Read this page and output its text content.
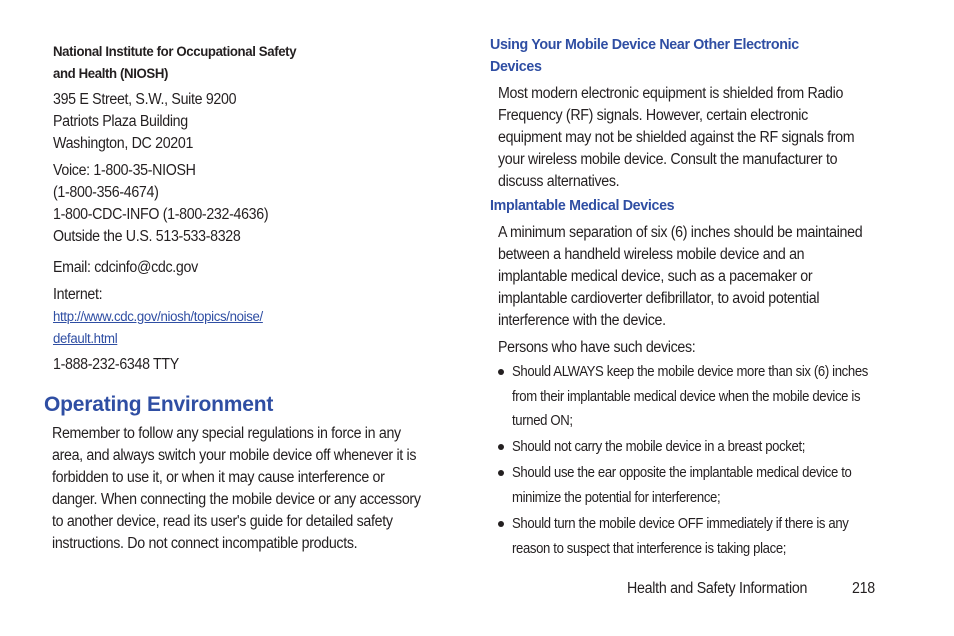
National Institute for Occupational Safety
and Health (NIOSH)
395 E Street, S.W., Suite 9200
Patriots Plaza Building
Washington, DC 20201
Voice: 1-800-35-NIOSH
(1-800-356-4674)
1-800-CDC-INFO (1-800-232-4636)
Outside the U.S. 513-533-8328
Email: cdcinfo@cdc.gov
Internet:
http://www.cdc.gov/niosh/topics/noise/
default.html
1-888-232-6348 TTY
Operating Environment
Remember to follow any special regulations in force in any
area, and always switch your mobile device off whenever it is
forbidden to use it, or when it may cause interference or
danger. When connecting the mobile device or any accessory
to another device, read its user's guide for detailed safety
instructions. Do not connect incompatible products.
Using Your Mobile Device Near Other Electronic
Devices
Most modern electronic equipment is shielded from Radio
Frequency (RF) signals. However, certain electronic
equipment may not be shielded against the RF signals from
your wireless mobile device. Consult the manufacturer to
discuss alternatives.
Implantable Medical Devices
A minimum separation of six (6) inches should be maintained
between a handheld wireless mobile device and an
implantable medical device, such as a pacemaker or
implantable cardioverter defibrillator, to avoid potential
interference with the device.
Persons who have such devices:
Should ALWAYS keep the mobile device more than six (6) inches
from their implantable medical device when the mobile device is
turned ON;
Should not carry the mobile device in a breast pocket;
Should use the ear opposite the implantable medical device to
minimize the potential for interference;
Should turn the mobile device OFF immediately if there is any
reason to suspect that interference is taking place;
Health and Safety Information	218
